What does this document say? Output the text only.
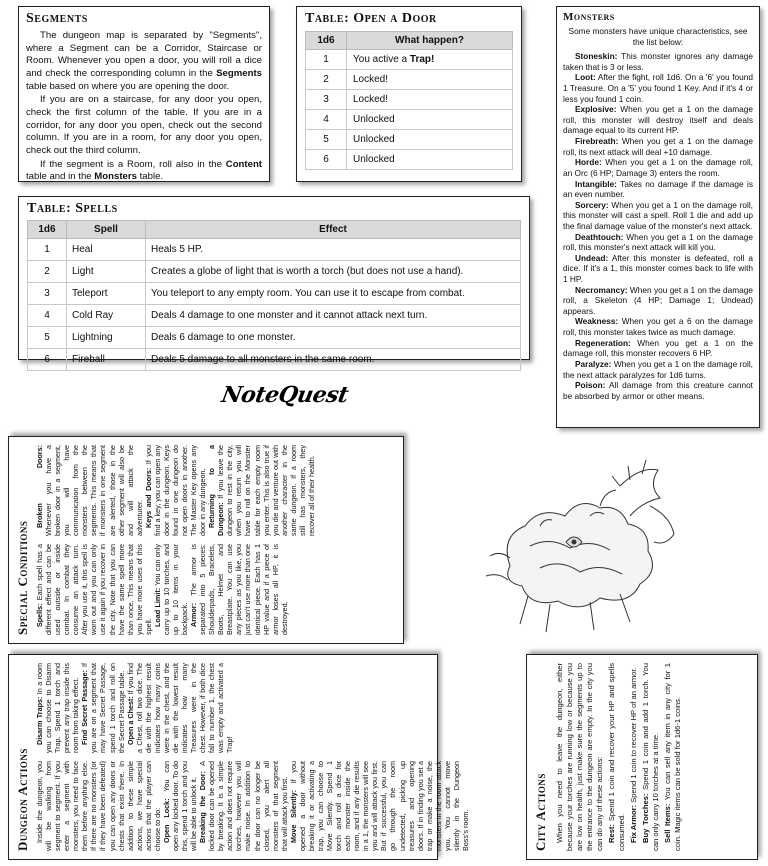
Segments

The dungeon map is separated by "Segments", where a Segment can be a Corridor, Staircase or Room. Whenever you open a door, you will roll a dice and check the corresponding column in the Segments table based on where you are opening the door.

If you are on a staircase, for any door you open, check the first column of the table. If you are in a corridor, for any door you open, check out the second column. If you are in a room, for any door you open, check out the third column.

If the segment is a Room, roll also in the Content table and in the Monsters table.

Table: Open a Door
1d6	What happen?
1	You active a Trap!
2	Locked!
3	Locked!
4	Unlocked
5	Unlocked
6	Unlocked
Table: Spells
1d6	Spell	Effect
1	Heal	Heals 5 HP.
2	Light	Creates a globe of light that is worth a torch (but does not use a hand).
3	Teleport	You teleport to any empty room. You can use it to escape from combat.
4	Cold Ray	Deals 4 damage to one monster and it cannot attack next turn.
5	Lightning	Deals 6 damage to one monster.
6	Fireball	Deals 5 damage to all monsters in the same room.
Monsters

Some monsters have unique characteristics, see the list below:

Stoneskin: This monster ignores any damage taken that is 3 or less.

Loot: After the fight, roll 1d6. On a '6' you found 1 Treasure. On a '5' you found 1 Key. And if it's 4 or less you found 1 coin.

Explosive: When you get a 1 on the damage roll, this monster will destroy itself and deals damage equal to its current HP.

Firebreath: When you get a 1 on the damage roll, its next attack will deal +10 damage.

Horde: When you get a 1 on the damage roll, an Orc (6 HP; Damage 3) enters the room.

Intangible: Takes no damage if the damage is an even number.

Sorcery: When you get a 1 on the damage roll, this monster will cast a spell. Roll 1 die and add up the final damage value of the monster's next attack.

Deathtouch: When you get a 1 on the damage roll, this monster's next attack will kill you.

Undead: After this monster is defeated, roll a dice. If it's a 1, this monster comes back to life with 1 HP.

Necromancy: When you get a 1 on the damage roll, a Skeleton (4 HP; Damage 1; Undead) appears.

Weakness: When you get a 6 on the damage roll, this monster takes twice as much damage.

Regeneration: When you get a 1 on the damage roll, this monster recovers 6 HP.

Paralyze: When you get a 1 on the damage roll, the next attack paralyzes for 1d6 turns.

Poison: All damage from this creature cannot be absorbed by armor or other means.

NoteQuest
Special Conditions Spells: Each spell has a different effect and can be used outside or inside combat. In combat they consume an attack turn. After you use it, this spell is worn out and you can only use it again if you recover in the city. Note that you can have the same spell more than once. This means that you have more uses of this spell. Load Limit: You can only carry up to 10 torches, and up to 10 items in your backpack. Armor: The armor is separated into 5 pieces: Shoulderpads, Bracelets, Boots, Helmet and Breastplate. You can use any pieces as you like, you just can't use more than one identical piece. Each has 1 HP value and if a piece of armor loses all HP, it is destroyed.

Broken Doors: Whenever you have a broken door in a segment, you will have communication from the monsters between the segments. This means that if monsters in one segment are alerted, those in the other segment will also be and will attack the adventurer. Keys and Doors: If you find a key, you can open any door in the dungeon. Keys found in one dungeon do not open doors in another. The Master Key opens any door in any dungeon. Returning to a Dungeon: If you leave the dungeon to rest in the city, when you return you will have to roll on the Monster table for each empty room you enter. This is also true if you die and venture out with another character in the same dungeon. If a room still has monsters, they recover all of their health.

Dungeon Actions Inside the dungeon, you will be walking from segment to segment. If you enter a segment with monsters, you need to face them before anything else. If there are no monsters (or if they have been defeated) you can open any doors or chests that exist there. In addition to these simple actions, we have special actions that the player can choose to do: Open Lock: You can open any locked door. To do this, spend 1 torch and you will be able to unlock it. Breaking the Door: A locked door can be opened by breaking. It is a simple action and does not require torches, however you will make noise. In addition to the door can no longer be closed, you alert all monsters of that segment that will attack you first. Move Silently: If you opened a door without breaking it or activating a trap, you can choose to Move Silently. Spend 1 torch and roll a dice for each monster inside the room, and if any die results in a 1, the monsters will see you and will attack you first. But if successful, you can go through the room undetected, picking up treasures and opening doors. If in finding you set a trap or make a noise, the monsters in the room attack you. You cannot move silently in the Dungeon Boss's room.

Disarm Traps: In a room you can choose to Disarm Trap. Spend 1 torch and prevent any trap inside this room from taking effect. Find Secret Passage: If you are on a segment that may have Secret Passage, spend 1 torch and roll on the Secret Passage table. Open a Chest: If you find a Chest, roll two dice. The die with the highest result indicates how many coins were in the chest, and the die with the lowest result indicates how many Treasures were in the chest. However, if both dice fall to number 1, the chest was empty and activated a Trap!

City Actions When you need to leave the dungeon, either because your torches are running low or because you are low on health, just make sure the segments up to the entrance to the dungeon are empty. In the city you can do any of these actions: Rest: Spend 1 coin and recover your HP and spells consumed. Fix Armor: Spend 1 coin to recover HP of an armor.

Buy Torches: Spend 1 coin and add 1 torch. You can only carry 10 torches at a time. Sell Items: You can sell any item in any city for 1 coin. Magic items can be sold for 1d6-1 coins.
